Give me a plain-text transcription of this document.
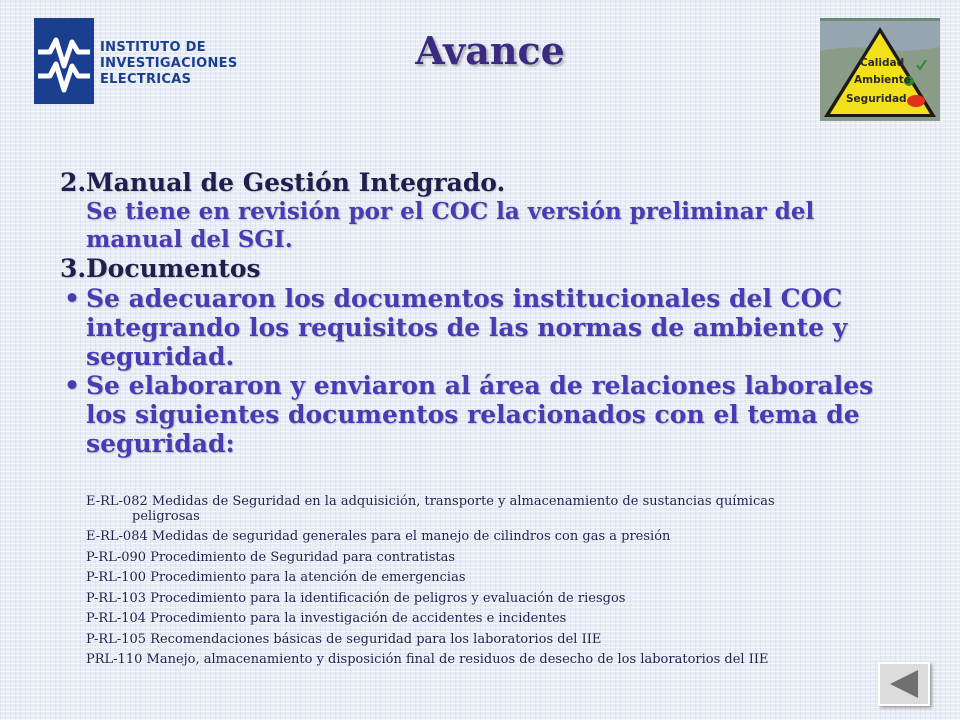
INSTITUTO DE
INVESTIGACIONES
ELECTRICAS
Avance	Calidad
Ambiente
Seguridad
2. Manual de Gestión Integrado.
Se tiene en revisión por el COC la versión preliminar del
manual del SGI.
3. Documentos
• Se adecuaron los documentos institucionales del COC
integrando los requisitos de las normas de ambiente y
seguridad.
• Se elaboraron y enviaron al área de relaciones laborales
los siguientes documentos relacionados con el tema de
seguridad:
E-RL-082 Medidas de Seguridad en la adquisición, transporte y almacenamiento de sustancias químicas
peligrosas
E-RL-084 Medidas de seguridad generales para el manejo de cilindros con gas a presión
P-RL-090 Procedimiento de Seguridad para contratistas
P-RL-100 Procedimiento para la atención de emergencias
P-RL-103 Procedimiento para la identificación de peligros y evaluación de riesgos
P-RL-104 Procedimiento para la investigación de accidentes e incidentes
P-RL-105 Recomendaciones básicas de seguridad para los laboratorios del IIE
PRL-110 Manejo, almacenamiento y disposición final de residuos de desecho de los laboratorios del IIE
